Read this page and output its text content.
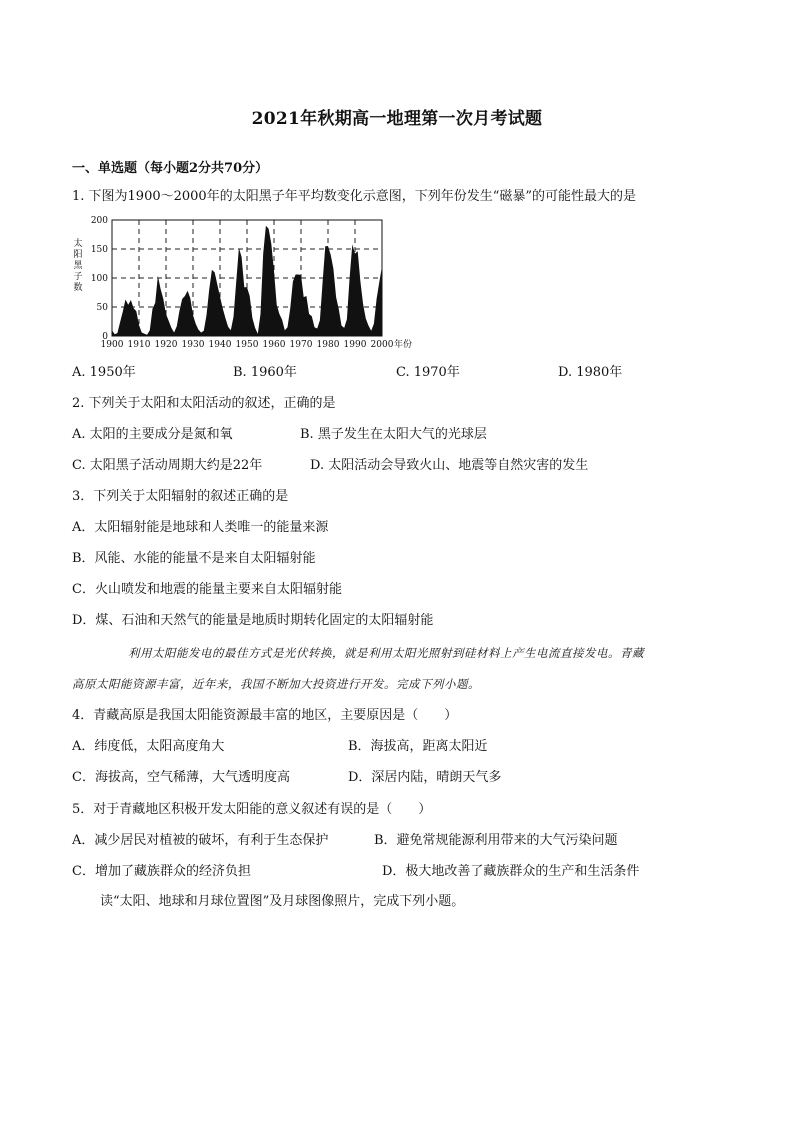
2021年秋期高一地理第一次月考试题
一、单选题（每小题2分共70分）
1. 下图为1900～2000年的太阳黑子年平均数变化示意图，下列年份发生“磁暴”的可能性最大的是
0
50
100
150
200
1900 1910 1920 1930 1940 1950 1960 1970 1980 1990 2000
太
阳
黑
子
数
年份
A. 1950年	B. 1960年	C. 1970年	D. 1980年
2. 下列关于太阳和太阳活动的叙述，正确的是
A. 太阳的主要成分是氮和氧	B. 黑子发生在太阳大气的光球层
C. 太阳黑子活动周期大约是22年	D. 太阳活动会导致火山、地震等自然灾害的发生
3．下列关于太阳辐射的叙述正确的是
A．太阳辐射能是地球和人类唯一的能量来源
B．风能、水能的能量不是来自太阳辐射能
C．火山喷发和地震的能量主要来自太阳辐射能
D．煤、石油和天然气的能量是地质时期转化固定的太阳辐射能
利用太阳能发电的最佳方式是光伏转换，就是利用太阳光照射到硅材料上产生电流直接发电。青藏
高原太阳能资源丰富，近年来，我国不断加大投资进行开发。完成下列小题。
4．青藏高原是我国太阳能资源最丰富的地区，主要原因是（　　）
A．纬度低，太阳高度角大	B．海拔高，距离太阳近
C．海拔高，空气稀薄，大气透明度高	D．深居内陆，晴朗天气多
5．对于青藏地区积极开发太阳能的意义叙述有误的是（　　）
A．减少居民对植被的破坏，有利于生态保护	B．避免常规能源利用带来的大气污染问题
C．增加了藏族群众的经济负担	D．极大地改善了藏族群众的生产和生活条件
读“太阳、地球和月球位置图”及月球图像照片，完成下列小题。
